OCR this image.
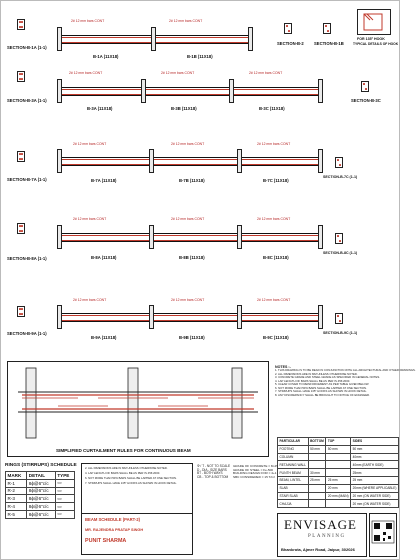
SECTION-B-1A (1-1)
2# 12 mm bars CONT	2# 12 mm bars CONT
B-1A (11X18)	B-1B (11X18)
SECTION-B-2 SECTION-B-1B
FOR 135° HOOK
TYPICAL DETAILS OF HOOK
SECTION-B-3A (1-1)
2# 12 mm bars CONT	2# 12 mm bars CONT	2# 12 mm bars CONT
B-3A (11X18)	B-3B (11X18)	B-3C (11X18)
SECTION-B-3C
SECTION-B-7A (1-1)
2# 12 mm bars CONT	2# 12 mm bars CONT	2# 12 mm bars CONT
B-7A (11X18)	B-7B (11X18)	B-7C (11X18)
SECTION-B-7C (1-1)
SECTION-B-8A (1-1)
2# 12 mm bars CONT	2# 12 mm bars CONT	2# 12 mm bars CONT
B-8A (11X18)	B-8B (11X18)	B-8C (11X18)
SECTION-B-8C (1-1)
SECTION-B-9A (1-1)
2# 12 mm bars CONT	2# 12 mm bars CONT	2# 12 mm bars CONT
B-9A (11X18)	B-9B (11X18)	B-9C (11X18)
SECTION-B-9C (1-1)
SIMPLIFIED CURTAILMENT RULES FOR CONTINUOUS BEAM
NOTES :-
1. THIS DRAWING IS TO BE READ IN CONJUNCTION WITH ALL ARCHITECTURAL AND OTHER DRAWINGS.
2. ALL DIMENSIONS ARE IN MM UNLESS OTHERWISE NOTED.
3. CONCRETE GRADE AND STEEL GRADE AS SPECIFIED IN GENERAL NOTES.
4. LAP LENGTH OF BARS SHALL BE AS PER IS 456:2000.
5. CLEAR COVER TO REINFORCEMENT AS PER TABLE GIVEN BELOW.
6. NOT MORE THAN 50% BARS SHALL BE LAPPED AT ONE SECTION.
7. STIRRUPS SHALL HAVE 135° HOOKS AS SHOWN IN HOOK DETAIL.
8. ANY DISCREPANCY SHALL BE BROUGHT TO NOTICE OF ENGINEER.
PARTICULAR	BOTTOM	TOP	SIDES
FOOTING	50 mm	50 mm	50 mm
COLUMN			40mm
RETAINING WALL			40mm (EARTH SIDE)
PLINTH BEAM	30 mm		25mm
BEAM, LINTEL	25 mm	25 mm	25 mm
SLAB		20 mm	20mm (WHERE APPLICABLE)
STAIR SLAB		20 mm (MAIN)	20 mm (ON WATER SIDE)
CHAJJA			20 mm (ON WATER SIDE)
RINGS (STIRRUPS) SCHEDULE
MARK	DETAIL	TYPE
R-1	8ϕ@6"c/c	▭
R-2	8ϕ@6"c/c	▭
R-3	8ϕ@6"c/c	▭
R-4	8ϕ@6"c/c	▭
R-5	8ϕ@6"c/c	▭
2. ALL DIMENSIONS ARE IN MM UNLESS OTHERWISE NOTED.
4. LAP LENGTH OF BARS SHALL BE AS PER IS 456:2000.
6. NOT MORE THAN 50% BARS SHALL BE LAPPED AT ONE SECTION.
7. STIRRUPS SHALL HAVE 135° HOOKS AS SHOWN IN HOOK DETAIL.
BEAM SCHEDULE (PART-2)
MR. RAJENDRA PRATAP SINGH
PUNIT SHARMA
Φ / T - NOT TO SCALE
D - DIA - SIZE BARS
BT - BOTH WAYS
CB - TOP & BOTTOM
GRADE OF CONCRETE = M-25
GRADE OF STEEL = Fe-500
BUILDING DESIGN FOR = 4+1
SBC CONSIDERED = 15 T/m²
ENVISAGE
PLANNING
Bhankrota, Ajmer Road, Jaipur, 302026
